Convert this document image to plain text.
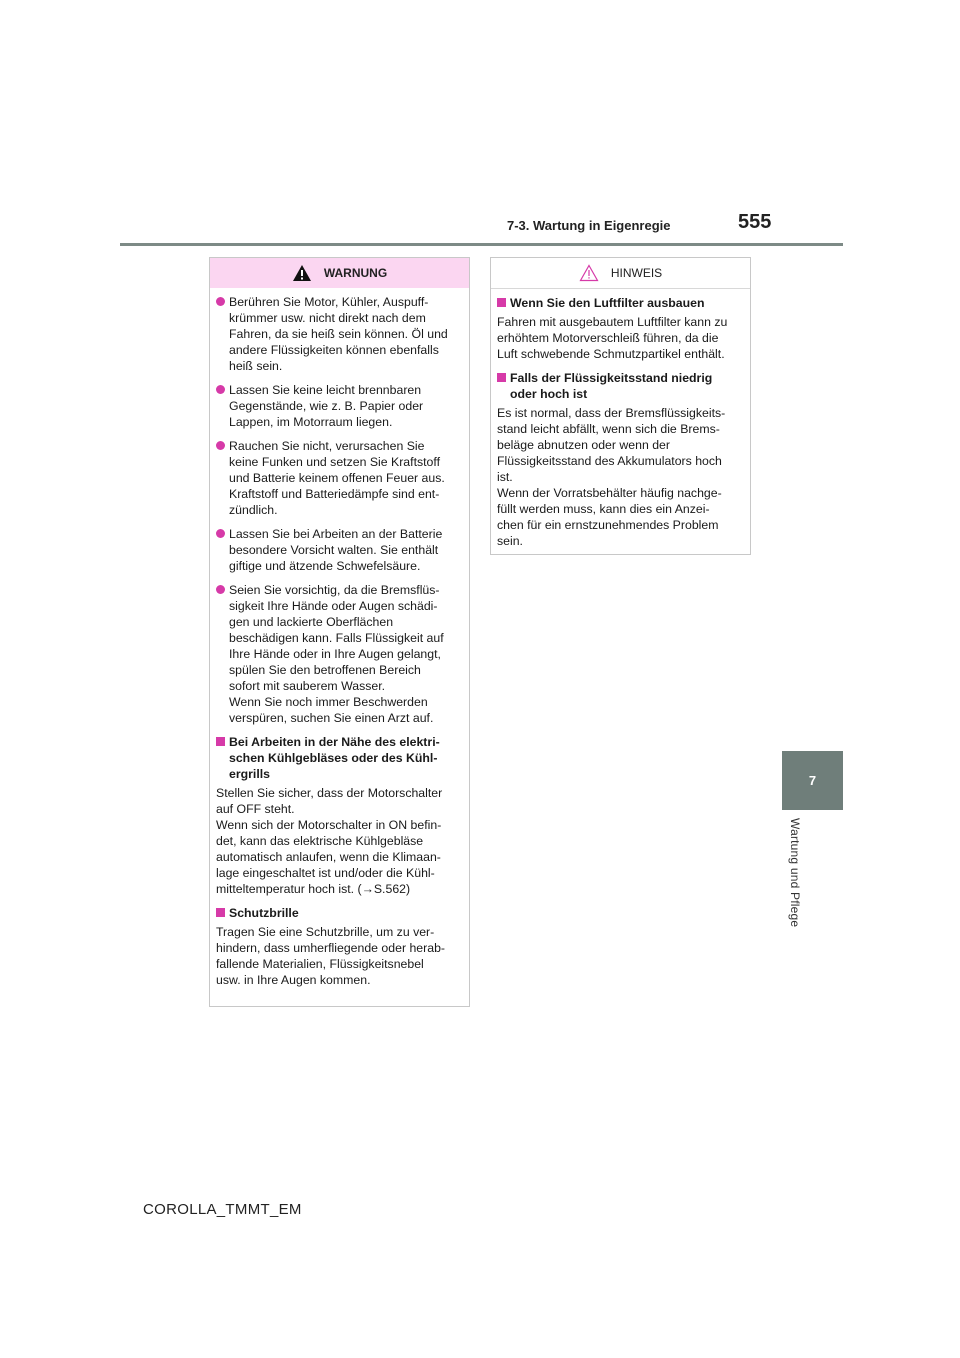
7-3. Wartung in Eigenregie	555
7
Wartung und Pflege
WARNUNG
Berühren Sie Motor, Kühler, Auspuff-
krümmer usw. nicht direkt nach dem
Fahren, da sie heiß sein können. Öl und
andere Flüssigkeiten können ebenfalls
heiß sein.
Lassen Sie keine leicht brennbaren
Gegenstände, wie z. B. Papier oder
Lappen, im Motorraum liegen.
Rauchen Sie nicht, verursachen Sie
keine Funken und setzen Sie Kraftstoff
und Batterie keinem offenen Feuer aus.
Kraftstoff und Batteriedämpfe sind ent-
zündlich.
Lassen Sie bei Arbeiten an der Batterie
besondere Vorsicht walten. Sie enthält
giftige und ätzende Schwefelsäure.
Seien Sie vorsichtig, da die Bremsflüs-
sigkeit Ihre Hände oder Augen schädi-
gen und lackierte Oberflächen
beschädigen kann. Falls Flüssigkeit auf
Ihre Hände oder in Ihre Augen gelangt,
spülen Sie den betroffenen Bereich
sofort mit sauberem Wasser.
Wenn Sie noch immer Beschwerden
verspüren, suchen Sie einen Arzt auf.
Bei Arbeiten in der Nähe des elektri-
schen Kühlgebläses oder des Kühl-
ergrills
Stellen Sie sicher, dass der Motorschalter
auf OFF steht.
Wenn sich der Motorschalter in ON befin-
det, kann das elektrische Kühlgebläse
automatisch anlaufen, wenn die Klimaan-
lage eingeschaltet ist und/oder die Kühl-
mitteltemperatur hoch ist. (→S.562)
Schutzbrille
Tragen Sie eine Schutzbrille, um zu ver-
hindern, dass umherfliegende oder herab-
fallende Materialien, Flüssigkeitsnebel
usw. in Ihre Augen kommen.
HINWEIS
Wenn Sie den Luftfilter ausbauen
Fahren mit ausgebautem Luftfilter kann zu
erhöhtem Motorverschleiß führen, da die
Luft schwebende Schmutzpartikel enthält.
Falls der Flüssigkeitsstand niedrig
oder hoch ist
Es ist normal, dass der Bremsflüssigkeits-
stand leicht abfällt, wenn sich die Brems-
beläge abnutzen oder wenn der
Flüssigkeitsstand des Akkumulators hoch
ist.
Wenn der Vorratsbehälter häufig nachge-
füllt werden muss, kann dies ein Anzei-
chen für ein ernstzunehmendes Problem
sein.
COROLLA_TMMT_EM
